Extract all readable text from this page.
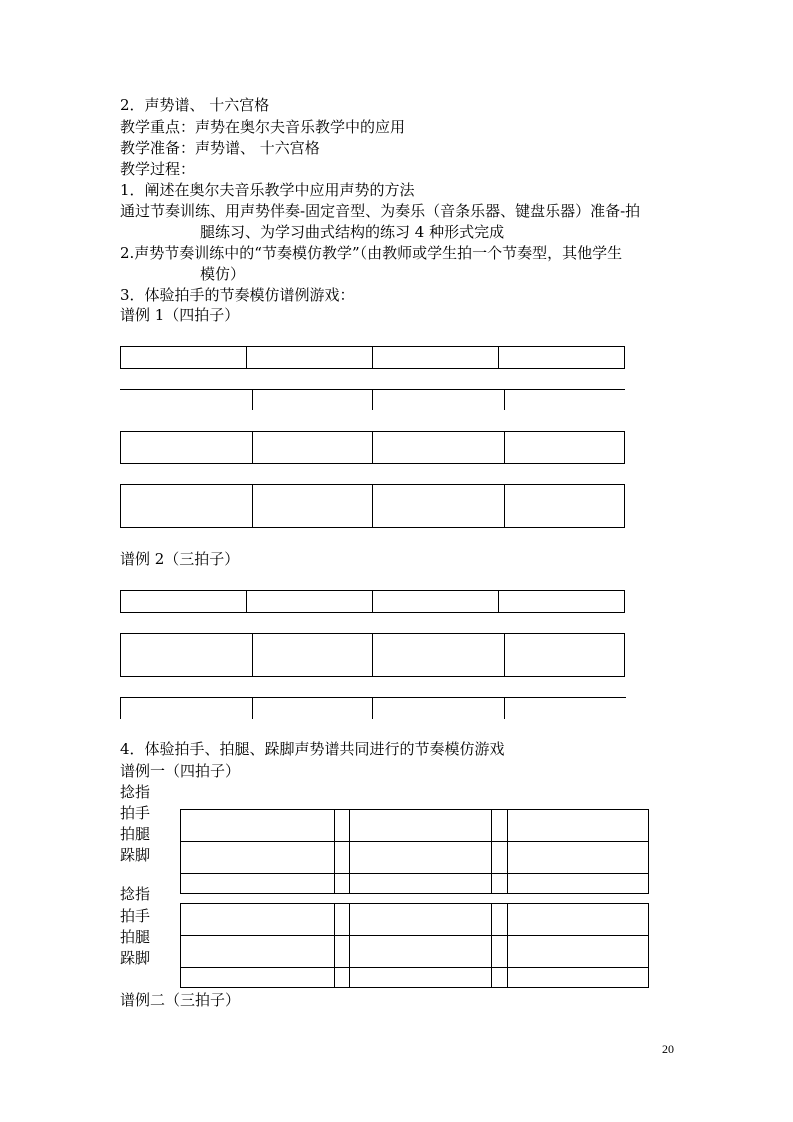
2．声势谱、 十六宫格
教学重点：声势在奥尔夫音乐教学中的应用
教学准备：声势谱、 十六宫格
教学过程：
1．阐述在奥尔夫音乐教学中应用声势的方法
通过节奏训练、用声势伴奏-固定音型、为奏乐（音条乐器、键盘乐器）准备-拍
腿练习、为学习曲式结构的练习 4 种形式完成
2.声势节奏训练中的“节奏模仿教学”（由教师或学生拍一个节奏型，其他学生
模仿）
3．体验拍手的节奏模仿谱例游戏：
谱例 1（四拍子）
谱例 2（三拍子）
4．体验拍手、拍腿、跺脚声势谱共同进行的节奏模仿游戏
谱例一（四拍子）
捻指
拍手
拍腿
跺脚
捻指
拍手
拍腿
跺脚
谱例二（三拍子）
20
